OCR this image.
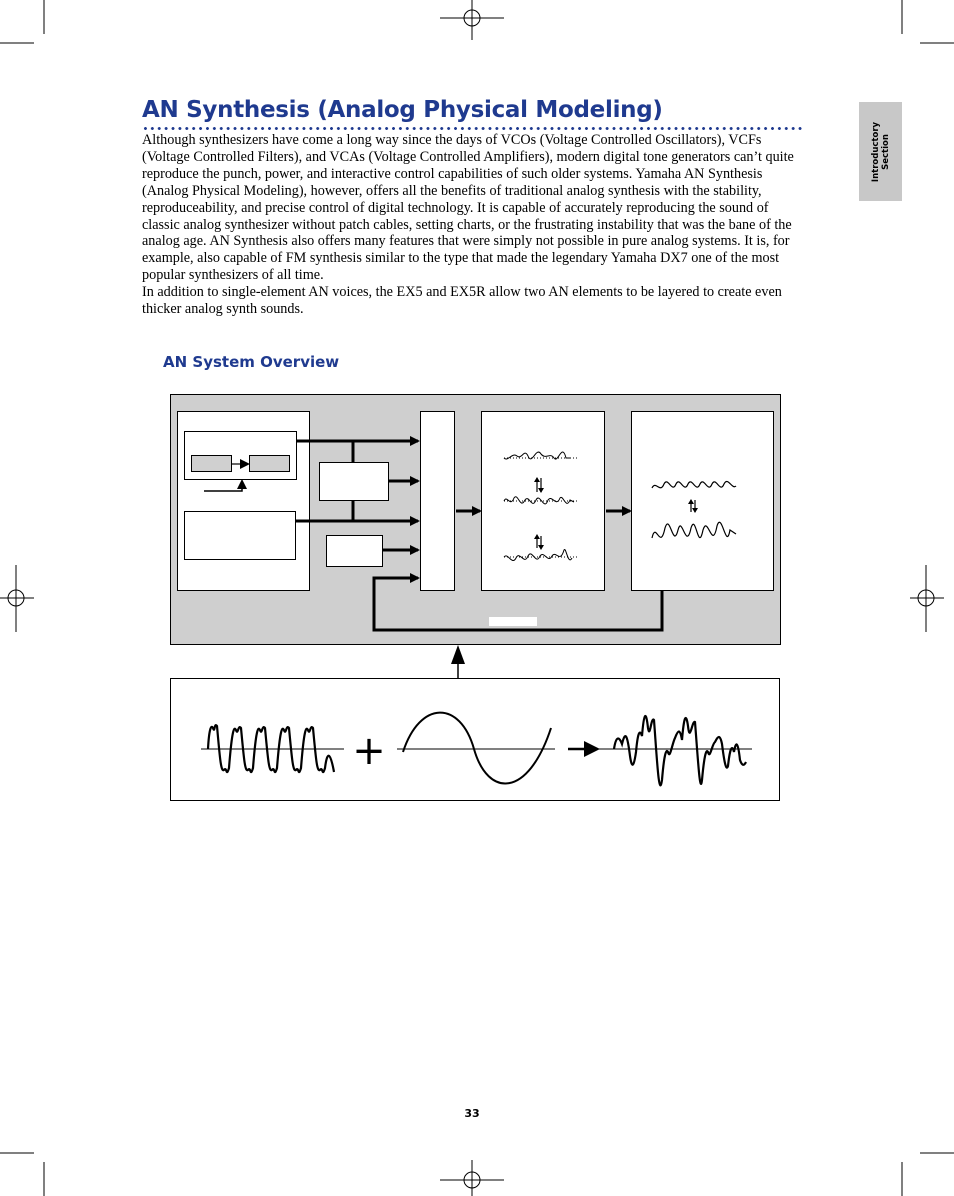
Introductory Section
AN Synthesis (Analog Physical Modeling)

Although synthesizers have come a long way since the days of VCOs (Voltage Controlled Oscillators), VCFs (Voltage Controlled Filters), and VCAs (Voltage Controlled Amplifiers), modern digital tone generators can’t quite reproduce the punch, power, and interactive control capabilities of such older systems. Yamaha AN Synthesis (Analog Physical Modeling), however, offers all the benefits of traditional analog synthesis with the stability, reproduceability, and precise control of digital technology. It is capable of accurately reproducing the sound of classic analog synthesizer without patch cables, setting charts, or the frustrating instability that was the bane of the analog age. AN Synthesis also offers many features that were simply not possible in pure analog systems. It is, for example, also capable of FM synthesis similar to the type that made the legendary Yamaha DX7 one of the most popular synthesizers of all time.

In addition to single-element AN voices, the EX5 and EX5R allow two AN elements to be layered to create even thicker analog synth sounds.

AN System Overview
+
33
